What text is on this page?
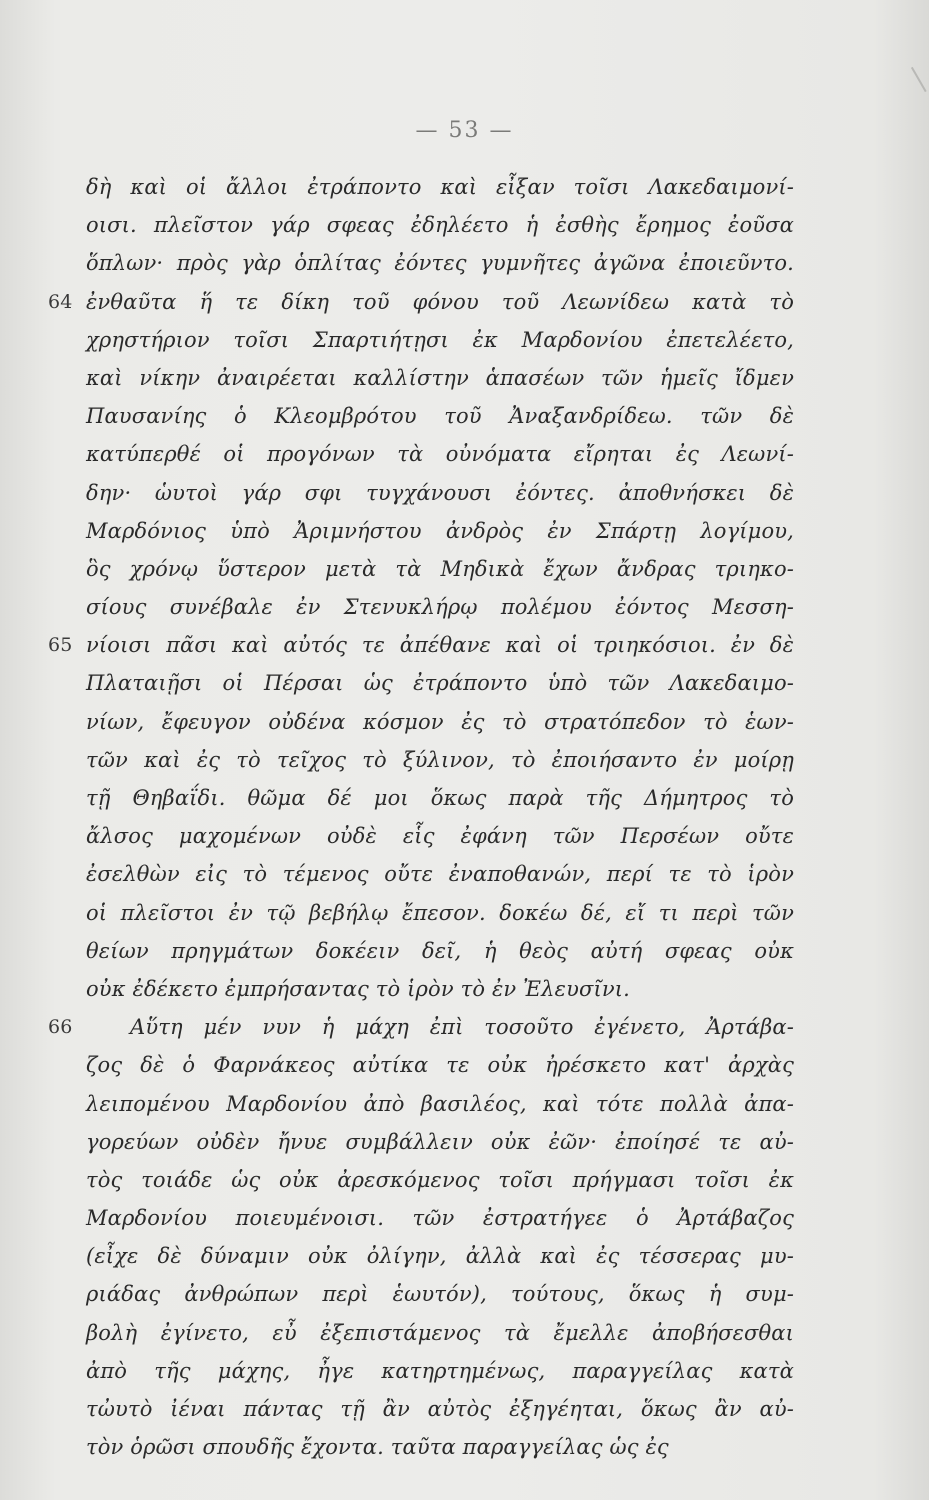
— 53 —
δὴ καὶ οἱ ἄλλοι ἐτράποντο καὶ εἶξαν τοῖσι Λακεδαιμονί-
οισι. πλεῖστον γάρ σφεας ἐδηλέετο ἡ ἐσθὴς ἔρημος ἐοῦσα
ὅπλων· πρὸς γὰρ ὁπλίτας ἐόντες γυμνῆτες ἀγῶνα ἐποιεῦντο.
64 ἐνθαῦτα ἥ τε δίκη τοῦ φόνου τοῦ Λεωνίδεω κατὰ τὸ
χρηστήριον τοῖσι Σπαρτιήτῃσι ἐκ Μαρδονίου ἐπετελέετο,
καὶ νίκην ἀναιρέεται καλλίστην ἁπασέων τῶν ἡμεῖς ἴδμεν
Παυσανίης ὁ Κλεομβρότου τοῦ Ἀναξανδρίδεω. τῶν δὲ
κατύπερθέ οἱ προγόνων τὰ οὐνόματα εἴρηται ἐς Λεωνί-
δην· ὡυτοὶ γάρ σφι τυγχάνουσι ἐόντες. ἀποθνήσκει δὲ
Μαρδόνιος ὑπὸ Ἀριμνήστου ἀνδρὸς ἐν Σπάρτῃ λογίμου,
ὃς χρόνῳ ὕστερον μετὰ τὰ Μηδικὰ ἔχων ἄνδρας τριηκο-
σίους συνέβαλε ἐν Στενυκλήρῳ πολέμου ἐόντος Μεσση-
65 νίοισι πᾶσι καὶ αὐτός τε ἀπέθανε καὶ οἱ τριηκόσιοι. ἐν δὲ
Πλαταιῇσι οἱ Πέρσαι ὡς ἐτράποντο ὑπὸ τῶν Λακεδαιμο-
νίων, ἔφευγον οὐδένα κόσμον ἐς τὸ στρατόπεδον τὸ ἑων-
τῶν καὶ ἐς τὸ τεῖχος τὸ ξύλινον, τὸ ἐποιήσαντο ἐν μοίρῃ
τῇ Θηβαΐδι. θῶμα δέ μοι ὅκως παρὰ τῆς Δήμητρος τὸ
ἄλσος μαχομένων οὐδὲ εἷς ἐφάνη τῶν Περσέων οὔτε
ἐσελθὼν εἰς τὸ τέμενος οὔτε ἐναποθανών, περί τε τὸ ἱρὸν
οἱ πλεῖστοι ἐν τῷ βεβήλῳ ἔπεσον. δοκέω δέ, εἴ τι περὶ τῶν
θείων πρηγμάτων δοκέειν δεῖ, ἡ θεὸς αὐτή σφεας οὐκ
οὐκ ἐδέκετο ἐμπρήσαντας τὸ ἱρὸν τὸ ἐν Ἐλευσῖνι.
66	Αὕτη μέν νυν ἡ μάχη ἐπὶ τοσοῦτο ἐγένετο, Ἀρτάβα-
ζος δὲ ὁ Φαρνάκεος αὐτίκα τε οὐκ ἠρέσκετο κατ' ἀρχὰς
λειπομένου Μαρδονίου ἀπὸ βασιλέος, καὶ τότε πολλὰ ἀπα-
γορεύων οὐδὲν ἤνυε συμβάλλειν οὐκ ἐῶν· ἐποίησέ τε αὐ-
τὸς τοιάδε ὡς οὐκ ἀρεσκόμενος τοῖσι πρήγμασι τοῖσι ἐκ
Μαρδονίου ποιευμένοισι. τῶν ἐστρατήγεε ὁ Ἀρτάβαζος
(εἶχε δὲ δύναμιν οὐκ ὀλίγην, ἀλλὰ καὶ ἐς τέσσερας μυ-
ριάδας ἀνθρώπων περὶ ἑωυτόν), τούτους, ὅκως ἡ συμ-
βολὴ ἐγίνετο, εὖ ἐξεπιστάμενος τὰ ἔμελλε ἀποβήσεσθαι
ἀπὸ τῆς μάχης, ἦγε κατηρτημένως, παραγγείλας κατὰ
τὠυτὸ ἰέναι πάντας τῇ ἂν αὐτὸς ἐξηγέηται, ὅκως ἂν αὐ-
τὸν ὁρῶσι σπουδῆς ἔχοντα. ταῦτα παραγγείλας ὡς ἐς
